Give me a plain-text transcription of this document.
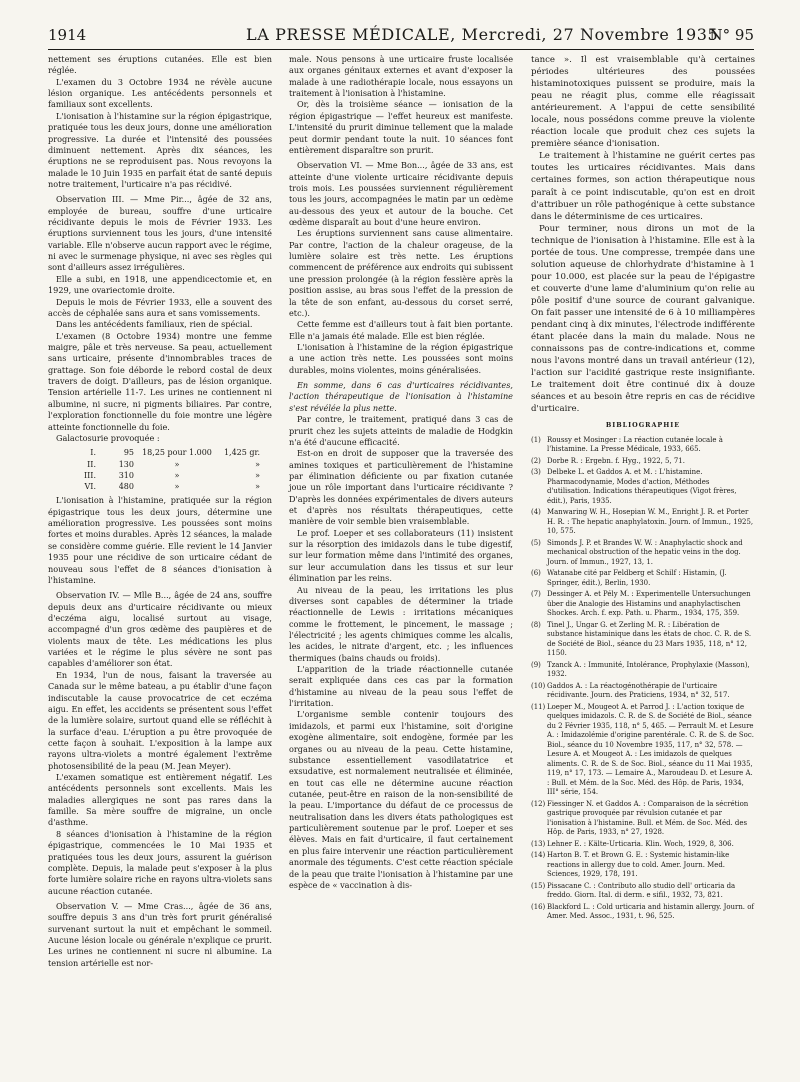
1914	LA PRESSE MÉDICALE, Mercredi, 27 Novembre 1935
N° 95

nettement ses éruptions cutanées. Elle est bien réglée.

L'examen du 3 Octobre 1934 ne révèle aucune lésion organique. Les antécédents personnels et familiaux sont excellents.

L'ionisation à l'histamine sur la région épigastrique, pratiquée tous les deux jours, donne une amélioration progressive. La durée et l'intensité des poussées diminuent nettement. Après dix séances, les éruptions ne se reproduisent pas. Nous revoyons la malade le 10 Juin 1935 en parfait état de santé depuis notre traitement, l'urticaire n'a pas récidivé.

Observation III. — Mme Pir..., âgée de 32 ans, employée de bureau, souffre d'une urticaire récidivante depuis le mois de Février 1933. Les éruptions surviennent tous les jours, d'une intensité variable. Elle n'observe aucun rapport avec le régime, ni avec le surmenage physique, ni avec ses règles qui sont d'ailleurs assez irrégulières.

Elle a subi, en 1918, une appendicectomie et, en 1929, une ovariectomie droite.

Depuis le mois de Février 1933, elle a souvent des accès de céphalée sans aura et sans vomissements.

Dans les antécédents familiaux, rien de spécial.

L'examen (8 Octobre 1934) montre une femme maigre, pâle et très nerveuse. Sa peau, actuellement sans urticaire, présente d'innombrables traces de grattage. Son foie déborde le rebord costal de deux travers de doigt. D'ailleurs, pas de lésion organique. Tension artérielle 11-7. Les urines ne contiennent ni albumine, ni sucre, ni pigments biliaires. Par contre, l'exploration fonctionnelle du foie montre une légère atteinte fonctionnelle du foie.

Galactosurie provoquée :

I.	95	18,25 pour 1.000	1,425 gr.
II.	130	»	»
III.	310	»	»
VI.	480	»	»

L'ionisation à l'histamine, pratiquée sur la région épigastrique tous les deux jours, détermine une amélioration progressive. Les poussées sont moins fortes et moins durables. Après 12 séances, la malade se considère comme guérie. Elle revient le 14 Janvier 1935 pour une récidive de son urticaire cédant de nouveau sous l'effet de 8 séances d'ionisation à l'histamine.

Observation IV. — Mlle B..., âgée de 24 ans, souffre depuis deux ans d'urticaire récidivante ou mieux d'eczéma aigu, localisé surtout au visage, accompagné d'un gros œdème des paupières et de violents maux de tête. Les médications les plus variées et le régime le plus sévère ne sont pas capables d'améliorer son état.

En 1934, l'un de nous, faisant la traversée au Canada sur le même bateau, a pu établir d'une façon indiscutable la cause provocatrice de cet eczéma aigu. En effet, les accidents se présentent sous l'effet de la lumière solaire, surtout quand elle se réfléchit à la surface d'eau. L'éruption a pu être provoquée de cette façon à souhait. L'exposition à la lampe aux rayons ultra-violets a montré également l'extrême photosensibilité de la peau (M. Jean Meyer).

L'examen somatique est entièrement négatif. Les antécédents personnels sont excellents. Mais les maladies allergiques ne sont pas rares dans la famille. Sa mère souffre de migraine, un oncle d'asthme.

8 séances d'ionisation à l'histamine de la région épigastrique, commencées le 10 Mai 1935 et pratiquées tous les deux jours, assurent la guérison complète. Depuis, la malade peut s'exposer à la plus forte lumière solaire riche en rayons ultra-violets sans aucune réaction cutanée.

Observation V. — Mme Cras..., âgée de 36 ans, souffre depuis 3 ans d'un très fort prurit généralisé survenant surtout la nuit et empêchant le sommeil. Aucune lésion locale ou générale n'explique ce prurit. Les urines ne contiennent ni sucre ni albumine. La tension artérielle est nor-

male. Nous pensons à une urticaire fruste localisée aux organes génitaux externes et avant d'exposer la malade à une radiothérapie locale, nous essayons un traitement à l'ionisation à l'histamine.

Or, dès la troisième séance — ionisation de la région épigastrique — l'effet heureux est manifeste. L'intensité du prurit diminue tellement que la malade peut dormir pendant toute la nuit. 10 séances font entièrement disparaître son prurit.

Observation VI. — Mme Bon..., âgée de 33 ans, est atteinte d'une violente urticaire récidivante depuis trois mois. Les poussées surviennent régulièrement tous les jours, accompagnées le matin par un œdème au-dessous des yeux et autour de la bouche. Cet œdème disparaît au bout d'une heure environ.

Les éruptions surviennent sans cause alimentaire. Par contre, l'action de la chaleur orageuse, de la lumière solaire est très nette. Les éruptions commencent de préférence aux endroits qui subissent une pression prolongée (à la région fessière après la position assise, au bras sous l'effet de la pression de la tête de son enfant, au-dessous du corset serré, etc.).

Cette femme est d'ailleurs tout à fait bien portante. Elle n'a jamais été malade. Elle est bien réglée.

L'ionisation à l'histamine de la région épigastrique a une action très nette. Les poussées sont moins durables, moins violentes, moins généralisées.

En somme, dans 6 cas d'urticaires récidivantes, l'action thérapeutique de l'ionisation à l'histamine s'est révélée la plus nette.

Par contre, le traitement, pratiqué dans 3 cas de prurit chez les sujets atteints de maladie de Hodgkin n'a été d'aucune efficacité.

Est-on en droit de supposer que la traversée des amines toxiques et particulièrement de l'histamine par élimination déficiente ou par fixation cutanée joue un rôle important dans l'urticaire récidivante ? D'après les données expérimentales de divers auteurs et d'après nos résultats thérapeutiques, cette manière de voir semble bien vraisemblable.

Le prof. Loeper et ses collaborateurs (11) insistent sur la résorption des imidazols dans le tube digestif, sur leur formation même dans l'intimité des organes, sur leur accumulation dans les tissus et sur leur élimination par les reins.

Au niveau de la peau, les irritations les plus diverses sont capables de déterminer la triade réactionnelle de Lewis : irritations mécaniques comme le frottement, le pincement, le massage ; l'électricité ; les agents chimiques comme les alcalis, les acides, le nitrate d'argent, etc. ; les influences thermiques (bains chauds ou froids).

L'apparition de la triade réactionnelle cutanée serait expliquée dans ces cas par la formation d'histamine au niveau de la peau sous l'effet de l'irritation.

L'organisme semble contenir toujours des imidazols, et parmi eux l'histamine, soit d'origine exogène alimentaire, soit endogène, formée par les organes ou au niveau de la peau. Cette histamine, substance essentiellement vasodilatatrice et exsudative, est normalement neutralisée et éliminée, en tout cas elle ne détermine aucune réaction cutanée, peut-être en raison de la non-sensibilité de la peau. L'importance du défaut de ce processus de neutralisation dans les divers états pathologiques est particulièrement soutenue par le prof. Loeper et ses élèves. Mais en fait d'urticaire, il faut certainement en plus faire intervenir une réaction particulièrement anormale des téguments. C'est cette réaction spéciale de la peau que traite l'ionisation à l'histamine par une espèce de « vaccination à dis-

tance ». Il est vraisemblable qu'à certaines périodes ultérieures des poussées histaminotoxiques puissent se produire, mais la peau ne réagit plus, comme elle réagissait antérieurement. A l'appui de cette sensibilité locale, nous possédons comme preuve la violente réaction locale que produit chez ces sujets la première séance d'ionisation.

Le traitement à l'histamine ne guérit certes pas toutes les urticaires récidivantes. Mais dans certaines formes, son action thérapeutique nous paraît à ce point indiscutable, qu'on est en droit d'attribuer un rôle pathogénique à cette substance dans le déterminisme de ces urticaires.

Pour terminer, nous dirons un mot de la technique de l'ionisation à l'histamine. Elle est à la portée de tous. Une compresse, trempée dans une solution aqueuse de chlorhydrate d'histamine à 1 pour 10.000, est placée sur la peau de l'épigastre et couverte d'une lame d'aluminium qu'on relie au pôle positif d'une source de courant galvanique. On fait passer une intensité de 6 à 10 milliampères pendant cinq à dix minutes, l'électrode indifférente étant placée dans la main du malade. Nous ne connaissons pas de contre-indications et, comme nous l'avons montré dans un travail antérieur (12), l'action sur l'acidité gastrique reste insignifiante. Le traitement doit être continué dix à douze séances et au besoin être repris en cas de récidive d'urticaire.

BIBLIOGRAPHIE
(1) Roussy et Mosinger : La réaction cutanée locale à l'histamine. La Presse Médicale, 1933, 665.
(2) Dorbe R. : Ergebn. f. Hyg., 1922, 5, 71.
(3) Delbeke L. et Gaddos A. et M. : L'histamine. Pharmacodynamie, Modes d'action, Méthodes d'utilisation. Indications thérapeutiques (Vigot frères, édit.), Paris, 1935.
(4) Manwaring W. H., Hosepian W. M., Enright J. R. et Porter H. R. : The hepatic anaphylatoxin. Journ. of Immun., 1925, 10, 575.
(5) Simonds J. P. et Brandes W. W. : Anaphylactic shock and mechanical obstruction of the hepatic veins in the dog. Journ. of Immun., 1927, 13, 1.
(6) Watanabe cité par Feldberg et Schilf : Histamin, (J. Springer, édit.), Berlin, 1930.
(7) Dessinger A. et Pély M. : Experimentelle Untersuchungen über die Analogie des Histamins und anaphylactischen Shockes. Arch. f. exp. Path. u. Pharm., 1934, 175, 359.
(8) Tinel J., Ungar G. et Zerling M. R. : Libération de substance histaminique dans les états de choc. C. R. de S. de Société de Biol., séance du 23 Mars 1935, 118, n° 12, 1150.
(9) Tzanck A. : Immunité, Intolérance, Prophylaxie (Masson), 1932.
(10) Gaddos A. : La réactogénothérapie de l'urticaire récidivante. Journ. des Praticiens, 1934, n° 32, 517.
(11) Loeper M., Mougeot A. et Parrod J. : L'action toxique de quelques imidazols. C. R. de S. de Société de Biol., séance du 2 Février 1935, 118, n° 5, 465. — Perrault M. et Lesure A. : Imidazolémie d'origine parentérale. C. R. de S. de Soc. Biol., séance du 10 Novembre 1935, 117, n° 32, 578. — Lesure A. et Mougeot A. : Les imidazols de quelques aliments. C. R. de S. de Soc. Biol., séance du 11 Mai 1935, 119, n° 17, 173. — Lemaire A., Maroudeau D. et Lesure A. : Bull. et Mém. de la Soc. Méd. des Hôp. de Paris, 1934, III° série, 154.
(12) Fiessinger N. et Gaddos A. : Comparaison de la sécrétion gastrique provoquée par révulsion cutanée et par l'ionisation à l'histamine. Bull. et Mém. de Soc. Méd. des Hôp. de Paris, 1933, n° 27, 1928.
(13) Lehner E. : Kälte-Urticaria. Klin. Woch, 1929, 8, 306.
(14) Harton B. T. et Brown G. E. : Systemic histamin-like reactions in allergy due to cold. Amer. Journ. Med. Sciences, 1929, 178, 191.
(15) Pissacane C. : Contributo allo studio dell' orticaria da freddo. Giorn. Ital. di derm. e sifil., 1932, 73, 821.
(16) Blackford L. : Cold urticaria and histamin allergy. Journ. of Amer. Med. Assoc., 1931, t. 96, 525.
